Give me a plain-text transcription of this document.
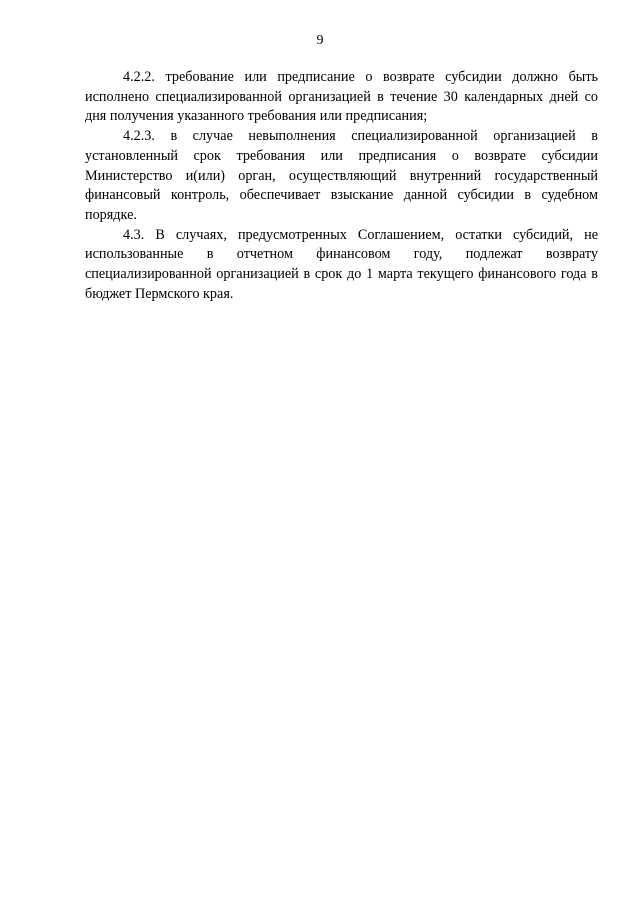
9

4.2.2. требование или предписание о возврате субсидии должно быть исполнено специализированной организацией в течение 30 календарных дней со дня получения указанного требования или предписания;

4.2.3. в случае невыполнения специализированной организацией в установленный срок требования или предписания о возврате субсидии Министерство и(или) орган, осуществляющий внутренний государственный финансовый контроль, обеспечивает взыскание данной субсидии в судебном порядке.

4.3. В случаях, предусмотренных Соглашением, остатки субсидий, не использованные в отчетном финансовом году, подлежат возврату специализированной организацией в срок до 1 марта текущего финансового года в бюджет Пермского края.
